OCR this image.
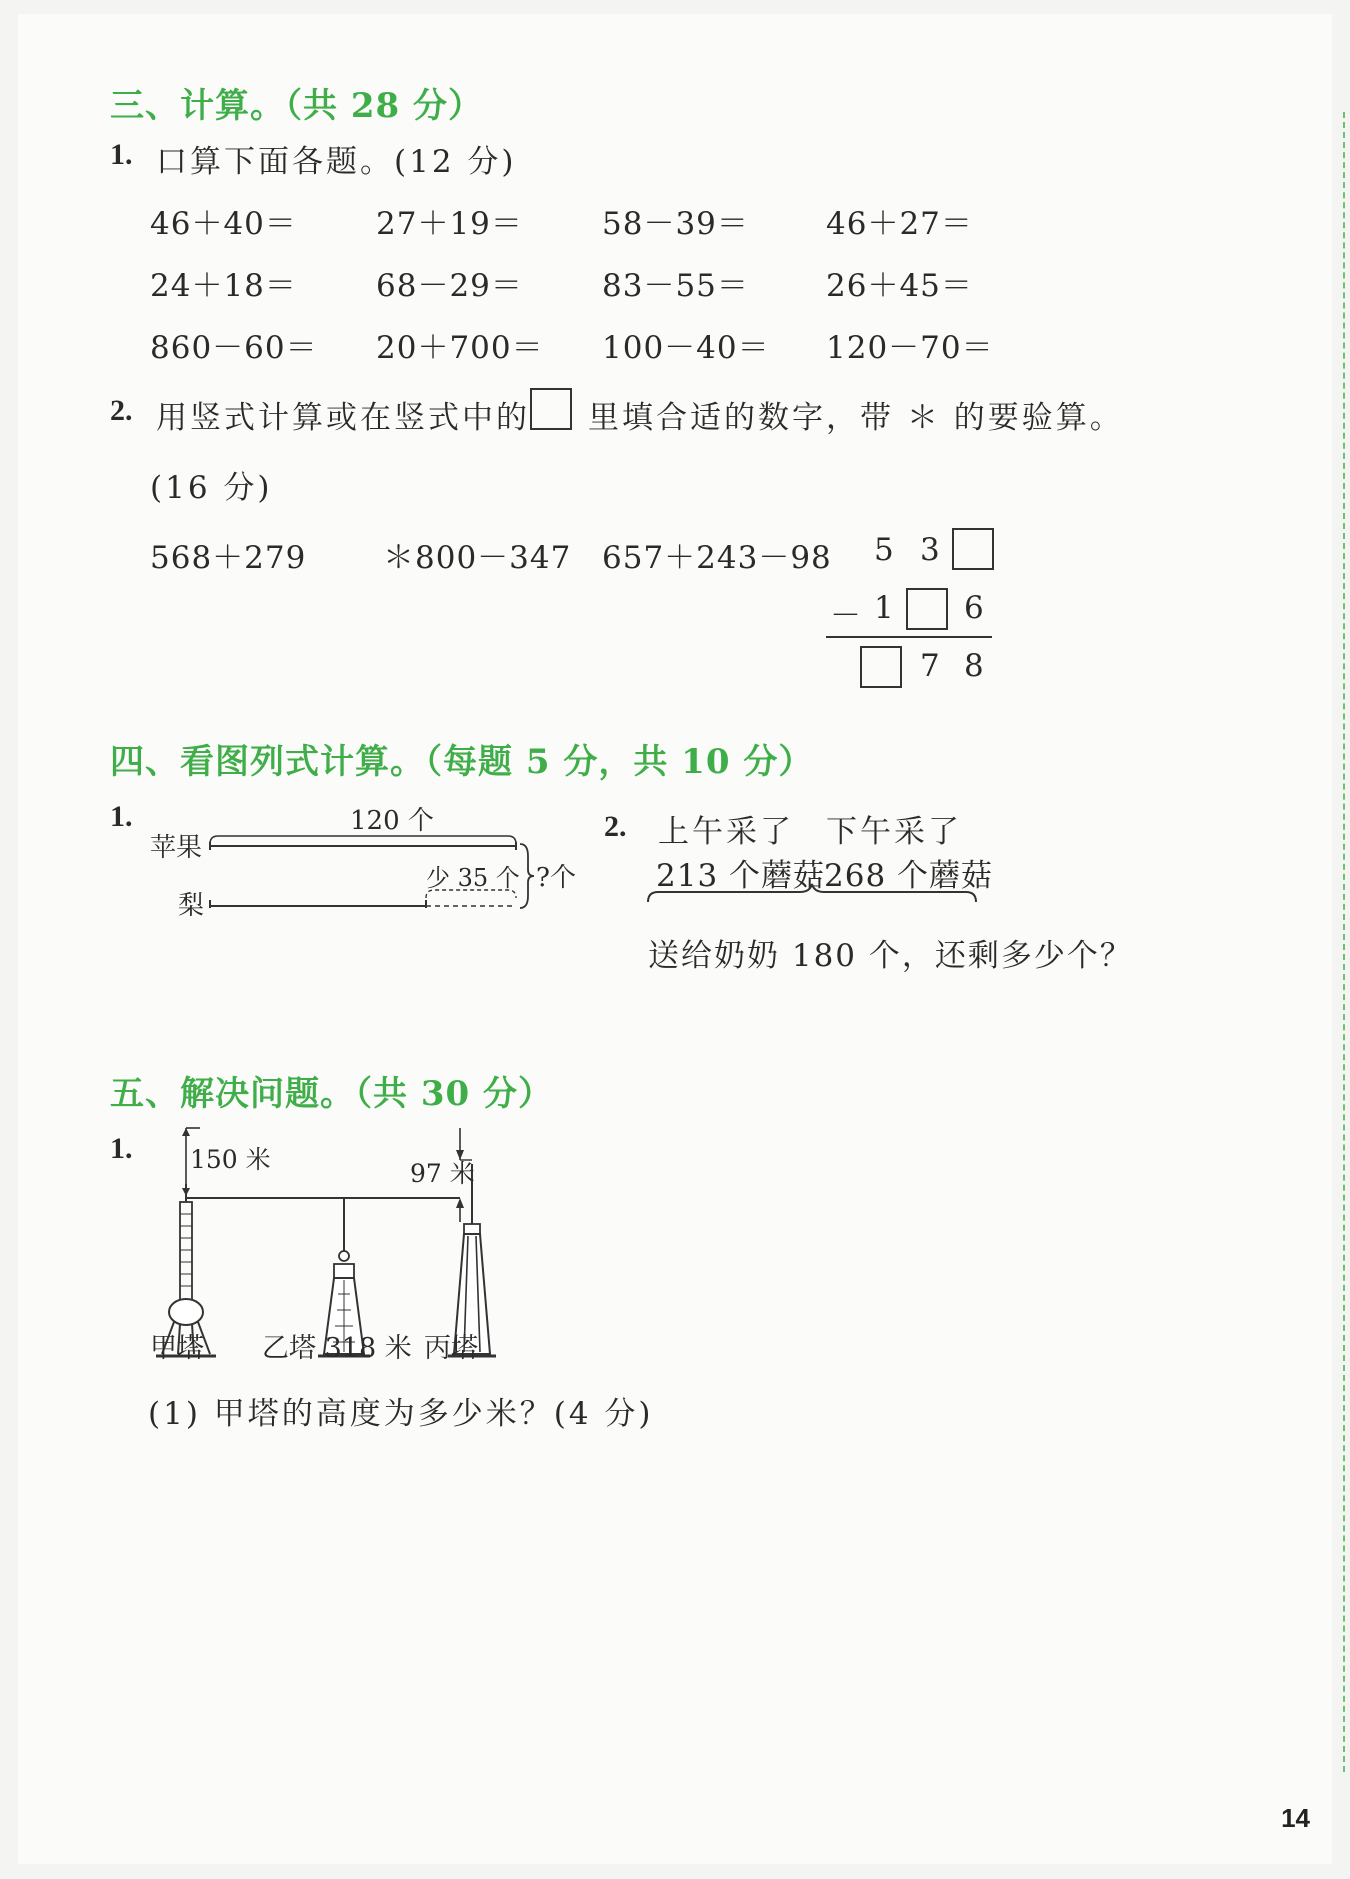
三、计算。（共 28 分）
1. 口算下面各题。(12 分)
46＋40＝	27＋19＝	58－39＝ 46＋27＝
24＋18＝	68－29＝	83－55＝ 26＋45＝
860－60＝ 20＋700＝ 100－40＝ 120－70＝
2. 用竖式计算或在竖式中的 里填合适的数字，带 ＊ 的要验算。
(16 分)
568＋279 ＊800－347 657＋243－98 5 3
－ 1 6
7 8
四、看图列式计算。（每题 5 分，共 10 分）
1.	120 个
苹果
梨
少 35 个 ?个
2. 上午采了 下午采了
213 个蘑菇
268 个蘑菇
送给奶奶 180 个，还剩多少个？
五、解决问题。（共 30 分）
1. 150 米	97 米
甲塔 乙塔 318 米 丙塔
(1) 甲塔的高度为多少米？(4 分)
14
